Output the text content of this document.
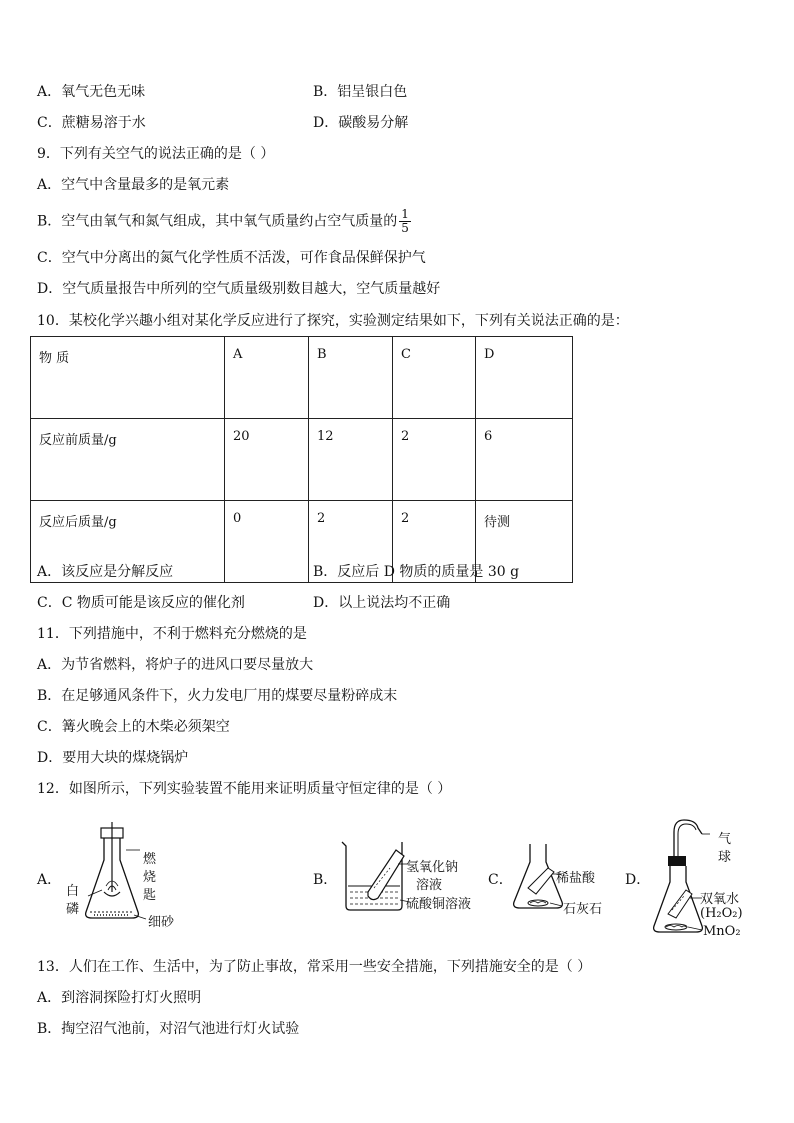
A．氧气无色无味	B．铝呈银白色
C．蔗糖易溶于水	D．碳酸易分解
9．下列有关空气的说法正确的是（ ）
A．空气中含量最多的是氧元素
B．空气由氧气和氮气组成，其中氧气质量约占空气质量的 $\frac{1}{5}$
C．空气中分离出的氮气化学性质不活泼，可作食品保鲜保护气
D．空气质量报告中所列的空气质量级别数目越大，空气质量越好
10．某校化学兴趣小组对某化学反应进行了探究，实验测定结果如下，下列有关说法正确的是：
物 质	A	B	C	D
反应前质量/g	20	12	2	6
反应后质量/g	0	2	2	待测
A．该反应是分解反应	B．反应后 D 物质的质量是 30 g
C．C 物质可能是该反应的催化剂	D．以上说法均不正确
11．下列措施中，不利于燃料充分燃烧的是
A．为节省燃料，将炉子的进风口要尽量放大
B．在足够通风条件下，火力发电厂用的煤要尽量粉碎成末
C．篝火晚会上的木柴必须架空
D．要用大块的煤烧锅炉
12．如图所示，下列实验装置不能用来证明质量守恒定律的是（ ）
A．
燃
烧
匙
白
磷
细砂
B．
氢氧化钠
溶液
硫酸铜溶液
C．	稀盐酸
石灰石
D．
气
球
双氧水
(H₂O₂)
MnO₂
13．人们在工作、生活中，为了防止事故，常采用一些安全措施，下列措施安全的是（ ）
A．到溶洞探险打灯火照明
B．掏空沼气池前，对沼气池进行灯火试验
